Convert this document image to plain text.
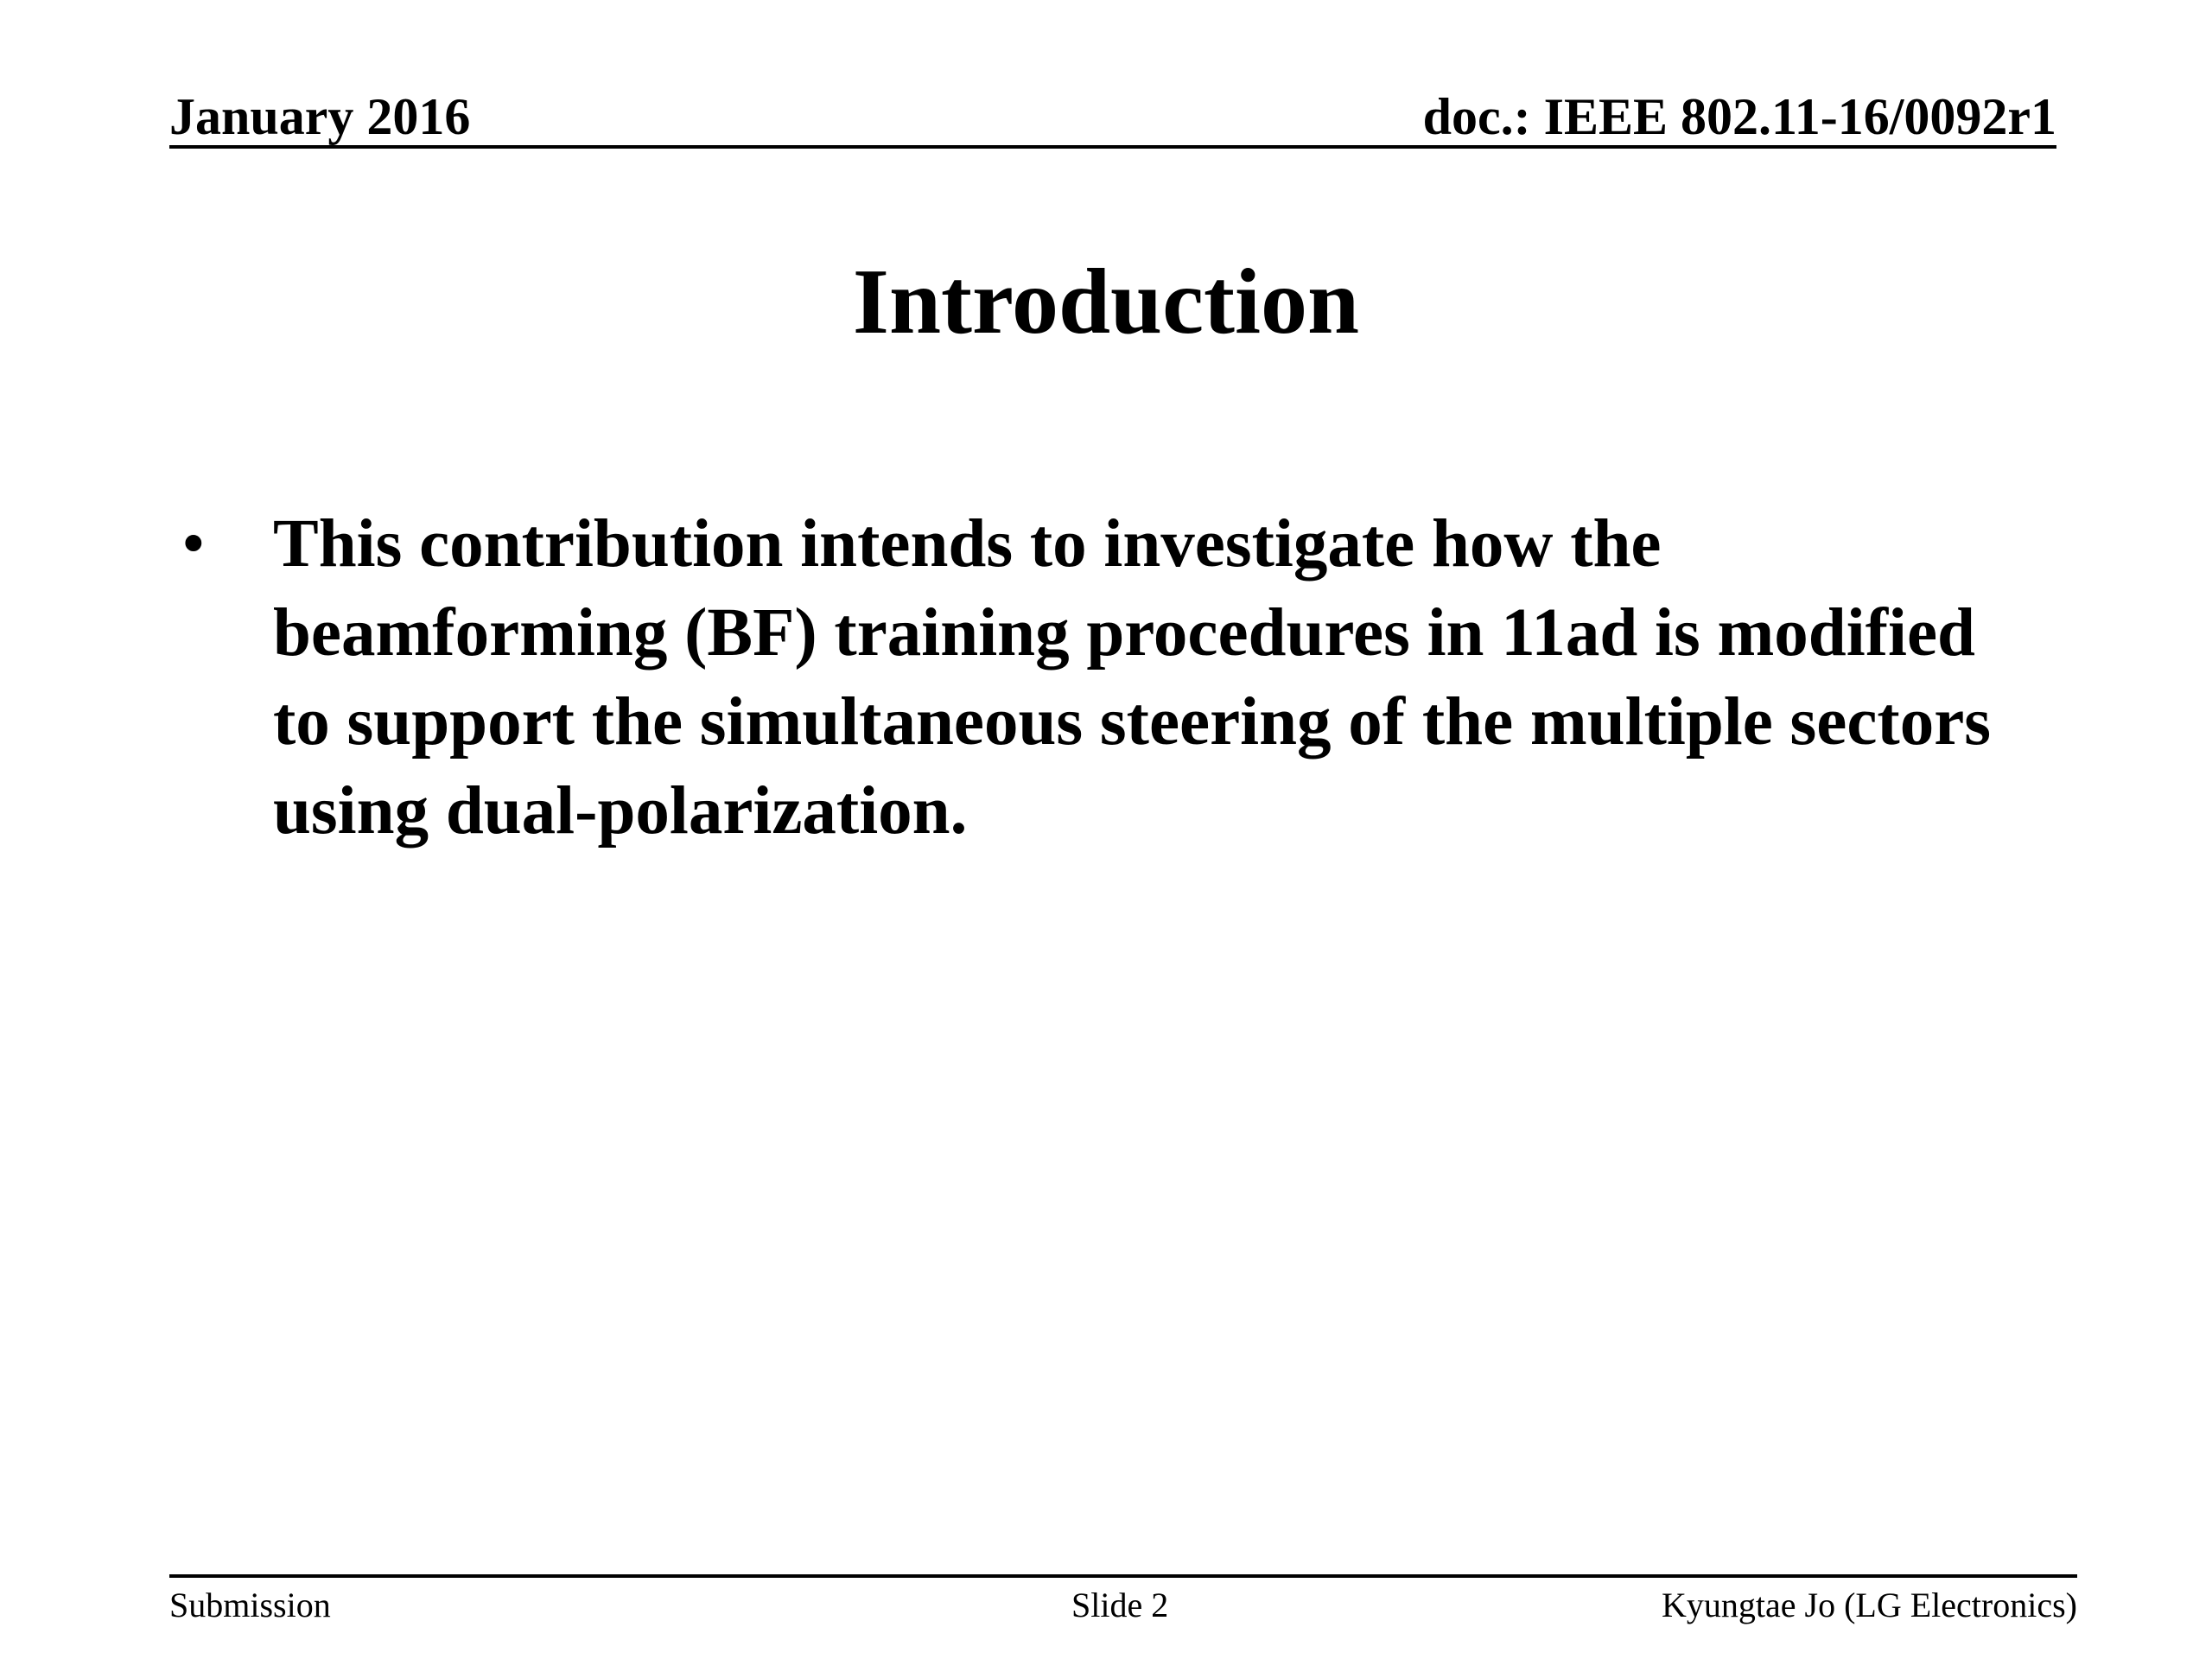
January 2016	doc.: IEEE 802.11-16/0092r1
Introduction
• This contribution intends to investigate how the beamforming (BF) training procedures in 11ad is modified to support the simultaneous steering of the multiple sectors using dual-polarization.
Submission	Slide 2	Kyungtae Jo (LG Electronics)
